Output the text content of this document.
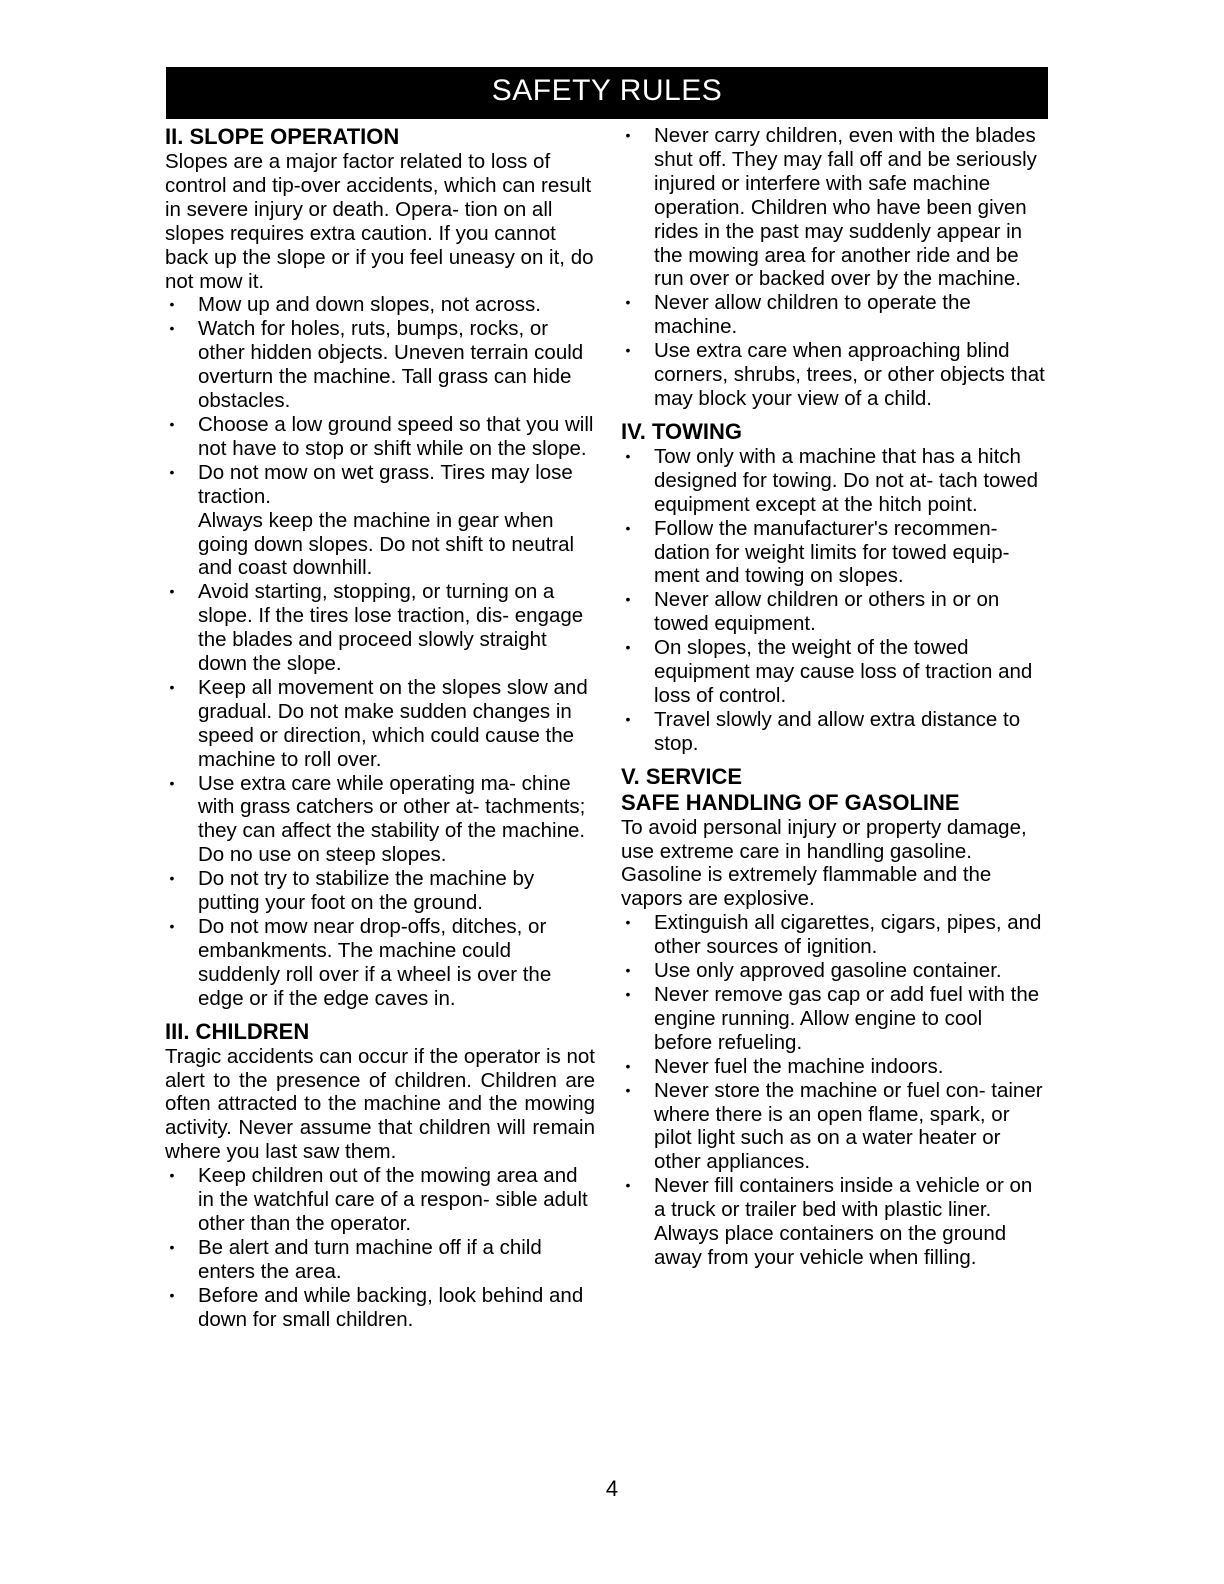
SAFETY RULES
II. SLOPE OPERATION

Slopes are a major factor related to loss of control and tip-over accidents, which can result in severe injury or death. Opera- tion on all slopes requires extra caution. If you cannot back up the slope or if you feel uneasy on it, do not mow it.

• Mow up and down slopes, not across.
• Watch for holes, ruts, bumps, rocks, or other hidden objects. Uneven terrain could overturn the machine. Tall grass can hide obstacles.
• Choose a low ground speed so that you will not have to stop or shift while on the slope.
• Do not mow on wet grass. Tires may lose traction.
Always keep the machine in gear when going down slopes. Do not shift to neutral and coast downhill.
• Avoid starting, stopping, or turning on a slope. If the tires lose traction, dis- engage the blades and proceed slowly straight down the slope.
• Keep all movement on the slopes slow and gradual. Do not make sudden changes in speed or direction, which could cause the machine to roll over.
• Use extra care while operating ma- chine with grass catchers or other at- tachments; they can affect the stability of the machine. Do no use on steep slopes.
• Do not try to stabilize the machine by putting your foot on the ground.
• Do not mow near drop-offs, ditches, or embankments. The machine could suddenly roll over if a wheel is over the edge or if the edge caves in.
III. CHILDREN

Tragic accidents can occur if the operator is not alert to the presence of children. Children are often attracted to the machine and the mowing activity. Never assume that children will remain where you last saw them.

• Keep children out of the mowing area and in the watchful care of a respon- sible adult other than the operator.
• Be alert and turn machine off if a child enters the area.
• Before and while backing, look behind and down for small children.
• Never carry children, even with the blades shut off. They may fall off and be seriously injured or interfere with safe machine operation. Children who have been given rides in the past may suddenly appear in the mowing area for another ride and be run over or backed over by the machine.
• Never allow children to operate the machine.
• Use extra care when approaching blind corners, shrubs, trees, or other objects that may block your view of a child.
IV. TOWING
• Tow only with a machine that has a hitch designed for towing. Do not at- tach towed equipment except at the hitch point.
• Follow the manufacturer's recommen- dation for weight limits for towed equip- ment and towing on slopes.
• Never allow children or others in or on towed equipment.
• On slopes, the weight of the towed equipment may cause loss of traction and loss of control.
• Travel slowly and allow extra distance to stop.
V. SERVICE
SAFE HANDLING OF GASOLINE

To avoid personal injury or property damage, use extreme care in handling gasoline. Gasoline is extremely flammable and the vapors are explosive.

• Extinguish all cigarettes, cigars, pipes, and other sources of ignition.
• Use only approved gasoline container.
• Never remove gas cap or add fuel with the engine running. Allow engine to cool before refueling.
• Never fuel the machine indoors.
• Never store the machine or fuel con- tainer where there is an open flame, spark, or pilot light such as on a water heater or other appliances.
• Never fill containers inside a vehicle or on a truck or trailer bed with plastic liner. Always place containers on the ground away from your vehicle when filling.
4
